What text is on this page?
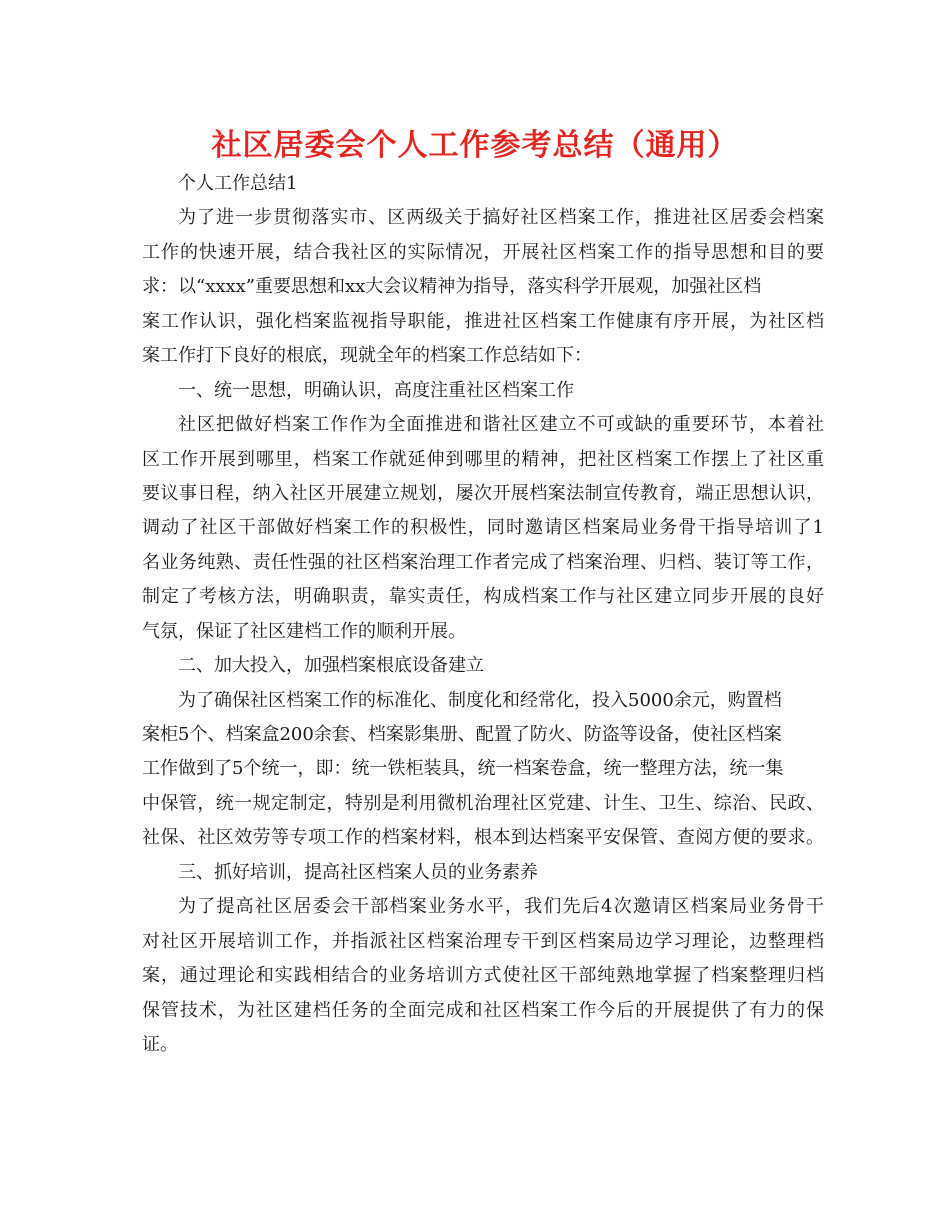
社区居委会个人工作参考总结（通用）
个人工作总结1
为了进一步贯彻落实市、区两级关于搞好社区档案工作，推进社区居委会档案
工作的快速开展，结合我社区的实际情况，开展社区档案工作的指导思想和目的要
求：以“xxxx”重要思想和xx大会议精神为指导，落实科学开展观，加强社区档
案工作认识，强化档案监视指导职能，推进社区档案工作健康有序开展，为社区档
案工作打下良好的根底，现就全年的档案工作总结如下：
一、统一思想，明确认识，高度注重社区档案工作
社区把做好档案工作作为全面推进和谐社区建立不可或缺的重要环节，本着社
区工作开展到哪里，档案工作就延伸到哪里的精神，把社区档案工作摆上了社区重
要议事日程，纳入社区开展建立规划，屡次开展档案法制宣传教育，端正思想认识，
调动了社区干部做好档案工作的积极性，同时邀请区档案局业务骨干指导培训了1
名业务纯熟、责任性强的社区档案治理工作者完成了档案治理、归档、装订等工作，
制定了考核方法，明确职责，靠实责任，构成档案工作与社区建立同步开展的良好
气氛，保证了社区建档工作的顺利开展。
二、加大投入，加强档案根底设备建立
为了确保社区档案工作的标准化、制度化和经常化，投入5000余元，购置档
案柜5个、档案盒200余套、档案影集册、配置了防火、防盗等设备，使社区档案
工作做到了5个统一，即：统一铁柜装具，统一档案卷盒，统一整理方法，统一集
中保管，统一规定制定，特别是利用微机治理社区党建、计生、卫生、综治、民政、
社保、社区效劳等专项工作的档案材料，根本到达档案平安保管、查阅方便的要求。
三、抓好培训，提高社区档案人员的业务素养
为了提高社区居委会干部档案业务水平，我们先后4次邀请区档案局业务骨干
对社区开展培训工作，并指派社区档案治理专干到区档案局边学习理论，边整理档
案，通过理论和实践相结合的业务培训方式使社区干部纯熟地掌握了档案整理归档
保管技术，为社区建档任务的全面完成和社区档案工作今后的开展提供了有力的保
证。
